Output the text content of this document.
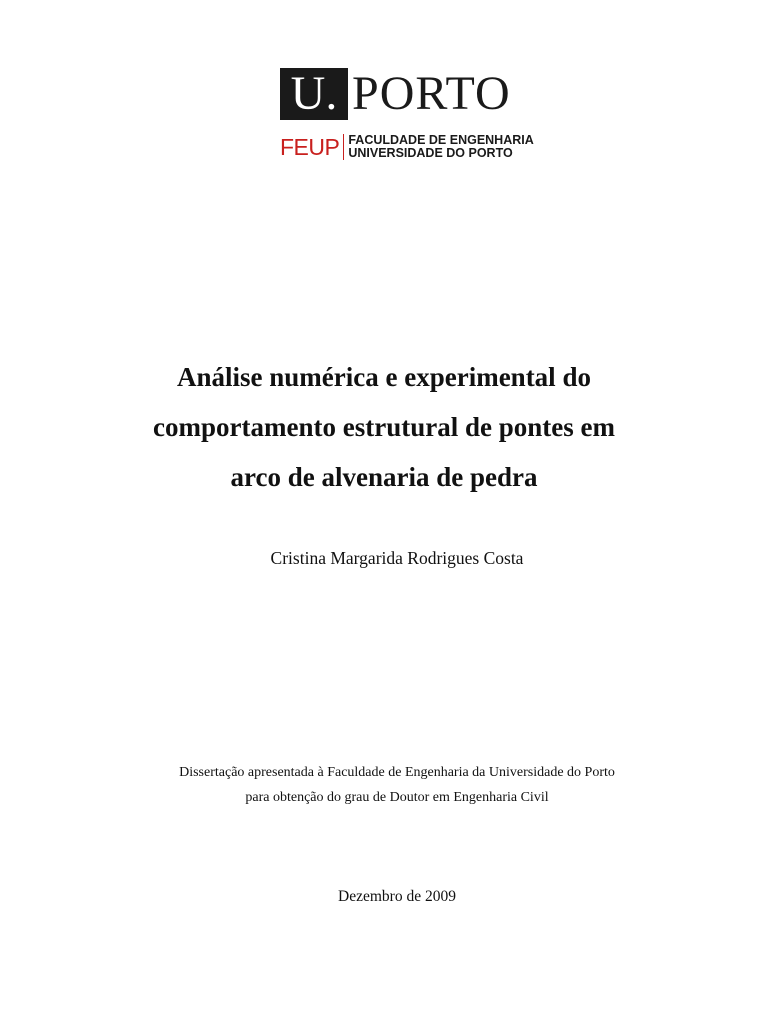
U. PORTO
FEUP FACULDADE DE ENGENHARIA
UNIVERSIDADE DO PORTO
Análise numérica e experimental do
comportamento estrutural de pontes em
arco de alvenaria de pedra
Cristina Margarida Rodrigues Costa
Dissertação apresentada à Faculdade de Engenharia da Universidade do Porto
para obtenção do grau de Doutor em Engenharia Civil
Dezembro de 2009
